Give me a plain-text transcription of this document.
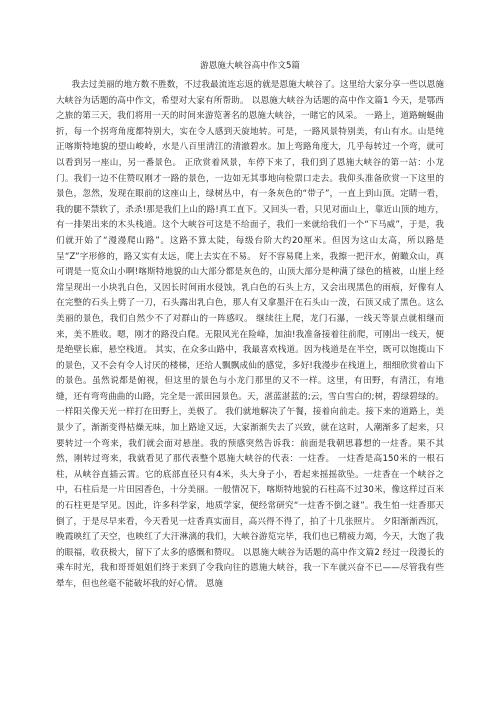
游恩施大峡谷高中作文5篇

我去过美丽的地方数不胜数，不过我最流连忘返的就是恩施大峡谷了。这里给大家分享一些以恩施大峡谷为话题的高中作文，希望对大家有所帮助。 以恩施大峡谷为话题的高中作文篇1 今天，是鄂西之旅的第三天，我们将用一天的时间来游览著名的恩施大峡谷，一睹它的风采。 一路上，道路蜿蜒曲折，每一个拐弯角度都特别大，实在令人感到天旋地转。可是，一路风景特别美，有山有水。山是纯正喀斯特地貌的望山峻岭，水是八百里清江的清澈碧水。加上弯路角度大，几乎每转过一个弯，就可以看到另一座山，另一番景色。 正欣赏着风景，车停下来了，我们到了恩施大峡谷的第一站：小龙门。我们一边不住赞叹刚才一路的景色，一边如无其事地向检票口走去。我仰头准备欣赏一下这里的景色，忽然，发现在眼前的这座山上，绿树丛中，有一条灰色的“带子”，一直上到山顶。定睛一看，我的腿不禁软了，杀杀!那是我们上山的路!真工直下。又回头一看，只见对面山上，靠近山顶的地方，有一排架出来的木头栈道。这个大峡谷可这是不给面子，我们一来就给我们一个“下马威”，于是，我们就开始了“漫漫爬山路”。这路不算太陡，每级台阶大约20厘米。但因为这山太高，所以路是呈“Z”字形修的，路又实有太远，爬上去实在不易。 好不容易爬上来，我擦一把汗水，俯瞰众山，真可谓是一览众山小啊!喀斯特地貌的山大部分都是灰色的，山顶大部分是种满了绿色的植被，山崖上经常呈现出一小块乳白色，又因长时间雨水侵蚀，乳白色的石头上方，又会出现黑色的雨痕，好像有人在完整的石头上劈了一刀，石头露出乳白色，那人有又拿墨汗在石头山一泼，石顶又成了黑色。这么美丽的景色，我们自然少不了对群山的一阵感叹。 继续往上爬，龙门石瀑，一线天等景点就相继而来，美不胜收。嗯，刚才的路没白爬。无限风光在险峰，加油!我准备接着往前爬，可刚出一线天，便是绝壁长廊，悬空栈道。 其实，在众多山路中，我最喜欢栈道。因为栈道是在半空，既可以饱揽山下的景色，又不会有令人讨厌的楼梯，还给人飘飘成仙的感觉，多好!我漫步在栈道上，细细欣赏着山下的景色。虽然说都是俯视，但这里的景色与小龙门那里的又不一样。这里，有田野，有清江，有地缝，还有弯弯曲曲的山路，完全是一派田园景色。天，湛蓝湛蓝的;云，雪白雪白的;树，碧绿碧绿的。一样阳关像天光一样打在田野上，美极了。 我们就地解决了午餐，接着向前走。接下来的道路上，美景少了，渐渐变得枯燥无味，加上路途又远，大家渐渐失去了兴致，就在这时，人潮渐多了起来，只要转过一个弯来，我们就会面对悬崖。我的预感突然告诉我：前面是我朝思暮想的一炷香。果不其然，刚转过弯来，我就看见了那代表整个恩施大峡谷的代表：一炷香。 一炷香是高150米的一根石柱，从峡谷直插云霄。它的底部直径只有4米，头大身子小，看起来摇摇欲坠。一炷香在一个峡谷之中，石柱后是一片田园香色，十分美丽。一般情况下，喀斯特地貌的石柱高不过30米，像这样过百米的石柱更是罕见。因此，许多科学家，地质学家，便经常研究“一炷香不倒之谜”。我生怕一炷香那天倒了，于是尽早来看，今天看见一炷香真实面目，高兴得不得了，拍了十几张照片。 夕阳渐渐西沉，晚霞映红了天空，也映红了大汗淋漓的我们，大峡谷游览完毕，我们也已精疲力竭，今天，大饱了我的眼福，收获极大，留下了太多的感慨和赞叹。 以恩施大峡谷为话题的高中作文篇2 经过一段漫长的乘车时光，我和哥哥姐姐们终于来到了令我向往的恩施大峡谷，我一下车就兴奋不已——尽管我有些晕车，但也丝毫不能破坏我的好心情。 恩施
